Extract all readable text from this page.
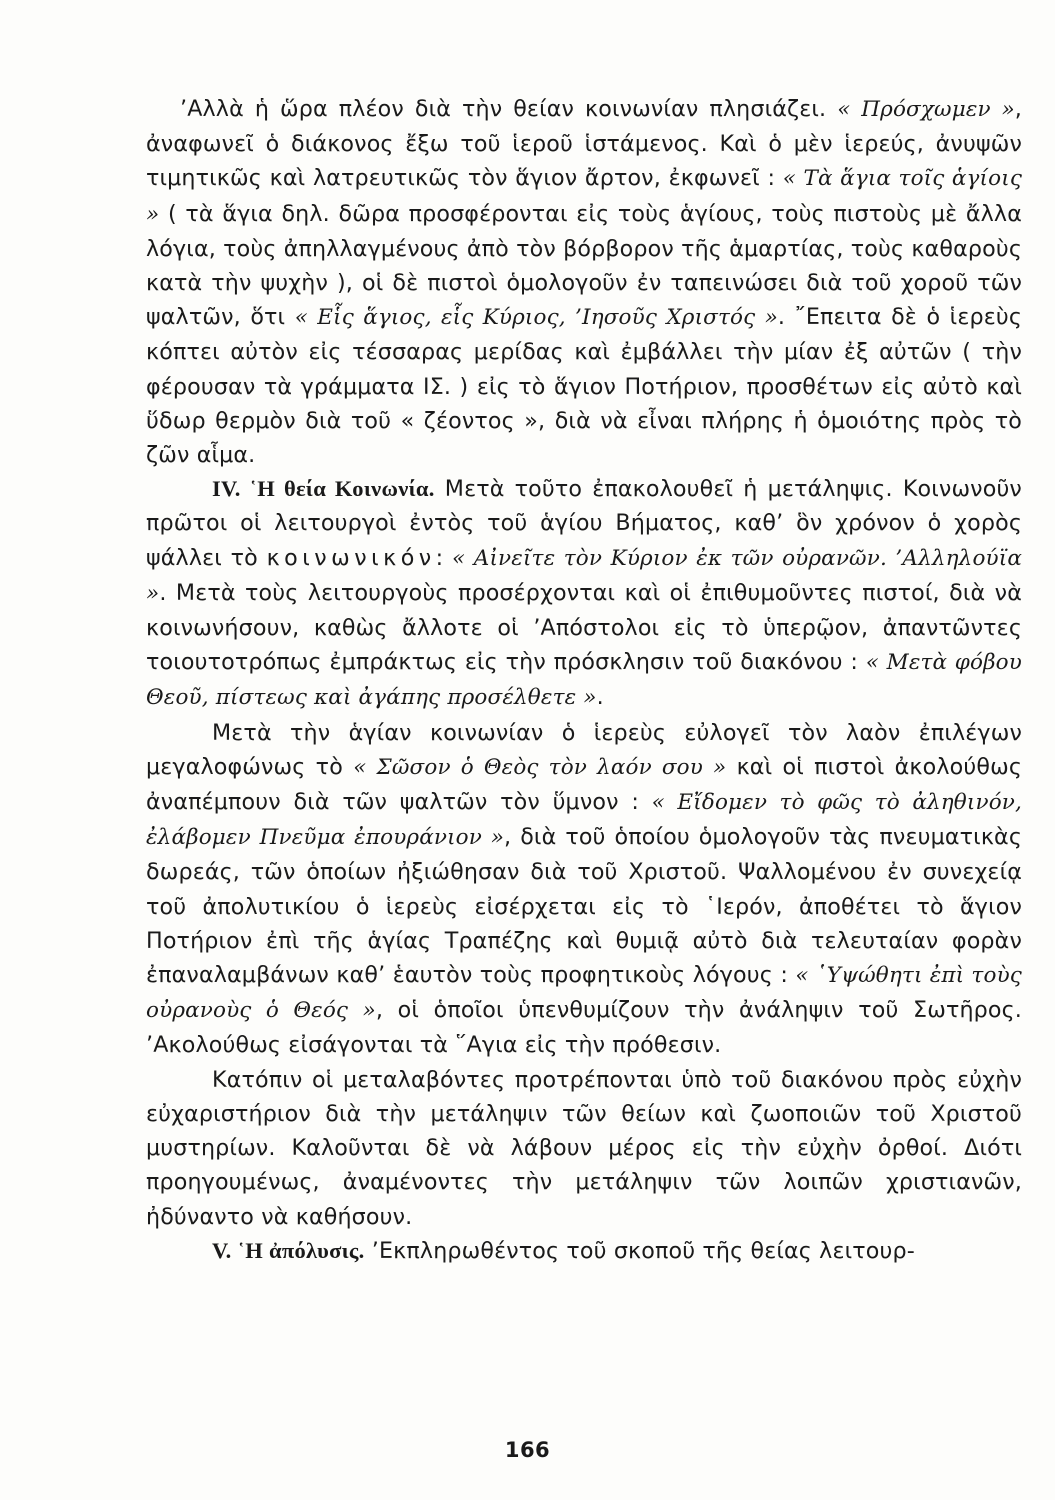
’Αλλὰ ἡ ὥρα πλέον διὰ τὴν θείαν κοινωνίαν πλησιάζει. « Πρόσχωμεν », ἀναφωνεῖ ὁ διάκονος ἔξω τοῦ ἱεροῦ ἱστάμενος. Καὶ ὁ μὲν ἱερεύς, ἀνυψῶν τιμητικῶς καὶ λατρευτικῶς τὸν ἅγιον ἄρτον, ἐκφωνεῖ : « Τὰ ἅγια τοῖς ἁγίοις » ( τὰ ἅγια δηλ. δῶρα προσφέρονται εἰς τοὺς ἁγίους, τοὺς πιστοὺς μὲ ἄλλα λόγια, τοὺς ἀπηλλαγμένους ἀπὸ τὸν βόρβορον τῆς ἁμαρτίας, τοὺς καθαροὺς κατὰ τὴν ψυχὴν ), οἱ δὲ πιστοὶ ὁμολογοῦν ἐν ταπεινώσει διὰ τοῦ χοροῦ τῶν ψαλτῶν, ὅτι « Εἷς ἅγιος, εἷς Κύριος, ’Ιησοῦς Χριστός ». ῎Επειτα δὲ ὁ ἱερεὺς κόπτει αὐτὸν εἰς τέσσαρας μερίδας καὶ ἐμβάλλει τὴν μίαν ἐξ αὐτῶν ( τὴν φέρουσαν τὰ γράμματα ΙΣ. ) εἰς τὸ ἅγιον Ποτήριον, προσθέτων εἰς αὐτὸ καὶ ὕδωρ θερμὸν διὰ τοῦ « ζέοντος », διὰ νὰ εἶναι πλήρης ἡ ὁμοιότης πρὸς τὸ ζῶν αἷμα.

IV. ῾Η θεία Κοινωνία. Μετὰ τοῦτο ἐπακολουθεῖ ἡ μετάληψις. Κοινωνοῦν πρῶτοι οἱ λειτουργοὶ ἐντὸς τοῦ ἁγίου Βήματος, καθ’ ὃν χρόνον ὁ χορὸς ψάλλει τὸ κοινωνικόν: « Αἰνεῖτε τὸν Κύριον ἐκ τῶν οὐρανῶν. ’Αλληλούϊα ». Μετὰ τοὺς λειτουργοὺς προσέρχονται καὶ οἱ ἐπιθυμοῦντες πιστοί, διὰ νὰ κοινωνήσουν, καθὼς ἄλλοτε οἱ ’Απόστολοι εἰς τὸ ὑπερῷον, ἀπαντῶντες τοιουτοτρόπως ἐμπράκτως εἰς τὴν πρόσκλησιν τοῦ διακόνου : « Μετὰ φόβου Θεοῦ, πίστεως καὶ ἀγάπης προσέλθετε ».

Μετὰ τὴν ἁγίαν κοινωνίαν ὁ ἱερεὺς εὐλογεῖ τὸν λαὸν ἐπιλέγων μεγαλοφώνως τὸ « Σῶσον ὁ Θεὸς τὸν λαόν σου » καὶ οἱ πιστοὶ ἀκολούθως ἀναπέμπουν διὰ τῶν ψαλτῶν τὸν ὕμνον : « Εἴδομεν τὸ φῶς τὸ ἀληθινόν, ἐλάβομεν Πνεῦμα ἐπουράνιον », διὰ τοῦ ὁποίου ὁμολογοῦν τὰς πνευματικὰς δωρεάς, τῶν ὁποίων ἠξιώθησαν διὰ τοῦ Χριστοῦ. Ψαλλομένου ἐν συνεχείᾳ τοῦ ἀπολυτικίου ὁ ἱερεὺς εἰσέρχεται εἰς τὸ ῾Ιερόν, ἀποθέτει τὸ ἅγιον Ποτήριον ἐπὶ τῆς ἁγίας Τραπέζης καὶ θυμιᾷ αὐτὸ διὰ τελευταίαν φορὰν ἐπαναλαμβάνων καθ’ ἑαυτὸν τοὺς προφητικοὺς λόγους : « ῾Υψώθητι ἐπὶ τοὺς οὐρανοὺς ὁ Θεός », οἱ ὁποῖοι ὑπενθυμίζουν τὴν ἀνάληψιν τοῦ Σωτῆρος. ’Ακολούθως εἰσάγονται τὰ ῞Αγια εἰς τὴν πρόθεσιν.

Κατόπιν οἱ μεταλαβόντες προτρέπονται ὑπὸ τοῦ διακόνου πρὸς εὐχὴν εὐχαριστήριον διὰ τὴν μετάληψιν τῶν θείων καὶ ζωοποιῶν τοῦ Χριστοῦ μυστηρίων. Καλοῦνται δὲ νὰ λάβουν μέρος εἰς τὴν εὐχὴν ὀρθοί. Διότι προηγουμένως, ἀναμένοντες τὴν μετάληψιν τῶν λοιπῶν χριστιανῶν, ἠδύναντο νὰ καθήσουν.

V. ῾Η ἀπόλυσις. ’Εκπληρωθέντος τοῦ σκοποῦ τῆς θείας λειτουρ-

166
